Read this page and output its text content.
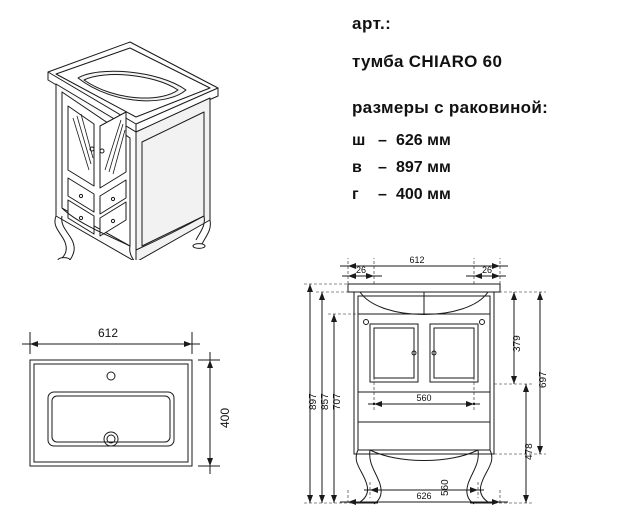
арт.:
тумба CHIARO 60
размеры с раковиной:
ш – 626 мм
в	– 897 мм
г	– 400 мм
612
400
612
26	26
560
626
897 857 707
379
697
478
560
